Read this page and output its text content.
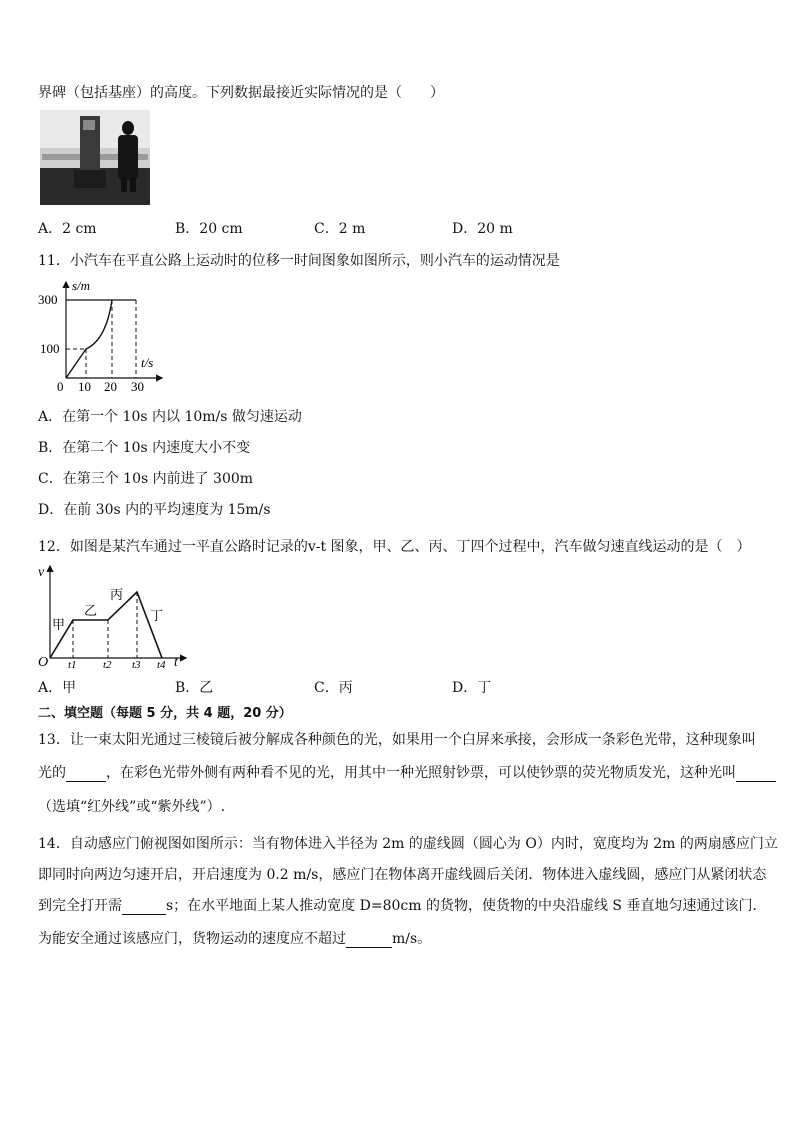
界碑（包括基座）的高度。下列数据最接近实际情况的是（　　）
A．2 cm	B．20 cm	C．2 m	D．20 m
11．小汽车在平直公路上运动时的位移一时间图象如图所示，则小汽车的运动情况是
s/m
t/s
300
100
0 10 20 30
A．在第一个 10s 内以 10m/s 做匀速运动
B．在第二个 10s 内速度大小不变
C．在第三个 10s 内前进了 300m
D．在前 30s 内的平均速度为 15m/s
12．如图是某汽车通过一平直公路时记录的v-t 图象，甲、乙、丙、丁四个过程中，汽车做匀速直线运动的是（　）
v
t
O
甲
乙
丙
丁
t1 t2 t3 t4
A．甲	B．乙	C．丙	D．丁
二、填空题（每题 5 分，共 4 题，20 分）
13．让一束太阳光通过三棱镜后被分解成各种颜色的光，如果用一个白屏来承接，会形成一条彩色光带，这种现象叫
光的	，在彩色光带外侧有两种看不见的光，用其中一种光照射钞票，可以使钞票的荧光物质发光，这种光叫
（选填“红外线”或“紫外线”）.
14．自动感应门俯视图如图所示：当有物体进入半径为 2m 的虚线圆（圆心为 O）内时，宽度均为 2m 的两扇感应门立
即同时向两边匀速开启，开启速度为 0.2 m/s，感应门在物体离开虚线圆后关闭．物体进入虚线圆，感应门从紧闭状态
到完全打开需	s；在水平地面上某人推动宽度 D=80cm 的货物，使货物的中央沿虚线 S 垂直地匀速通过该门．
为能安全通过该感应门，货物运动的速度应不超过	m/s。
